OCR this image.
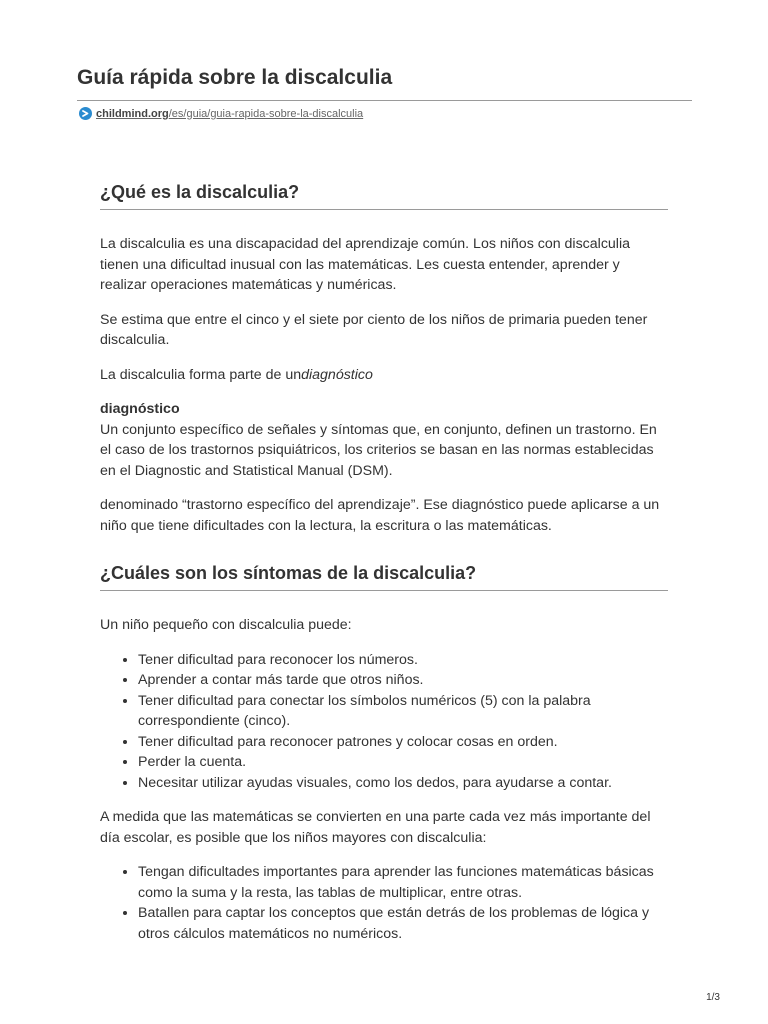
Guía rápida sobre la discalculia
childmind.org/es/guia/guia-rapida-sobre-la-discalculia
¿Qué es la discalculia?

La discalculia es una discapacidad del aprendizaje común. Los niños con discalculia tienen una dificultad inusual con las matemáticas. Les cuesta entender, aprender y realizar operaciones matemáticas y numéricas.

Se estima que entre el cinco y el siete por ciento de los niños de primaria pueden tener discalculia.

La discalculia forma parte de undiagnóstico

diagnóstico
Un conjunto específico de señales y síntomas que, en conjunto, definen un trastorno. En el caso de los trastornos psiquiátricos, los criterios se basan en las normas establecidas en el Diagnostic and Statistical Manual (DSM).

denominado “trastorno específico del aprendizaje”. Ese diagnóstico puede aplicarse a un niño que tiene dificultades con la lectura, la escritura o las matemáticas.

¿Cuáles son los síntomas de la discalculia?

Un niño pequeño con discalculia puede:

• Tener dificultad para reconocer los números.
• Aprender a contar más tarde que otros niños.
• Tener dificultad para conectar los símbolos numéricos (5) con la palabra correspondiente (cinco).
• Tener dificultad para reconocer patrones y colocar cosas en orden.
• Perder la cuenta.
• Necesitar utilizar ayudas visuales, como los dedos, para ayudarse a contar.

A medida que las matemáticas se convierten en una parte cada vez más importante del día escolar, es posible que los niños mayores con discalculia:

• Tengan dificultades importantes para aprender las funciones matemáticas básicas como la suma y la resta, las tablas de multiplicar, entre otras.
• Batallen para captar los conceptos que están detrás de los problemas de lógica y otros cálculos matemáticos no numéricos.
1/3
